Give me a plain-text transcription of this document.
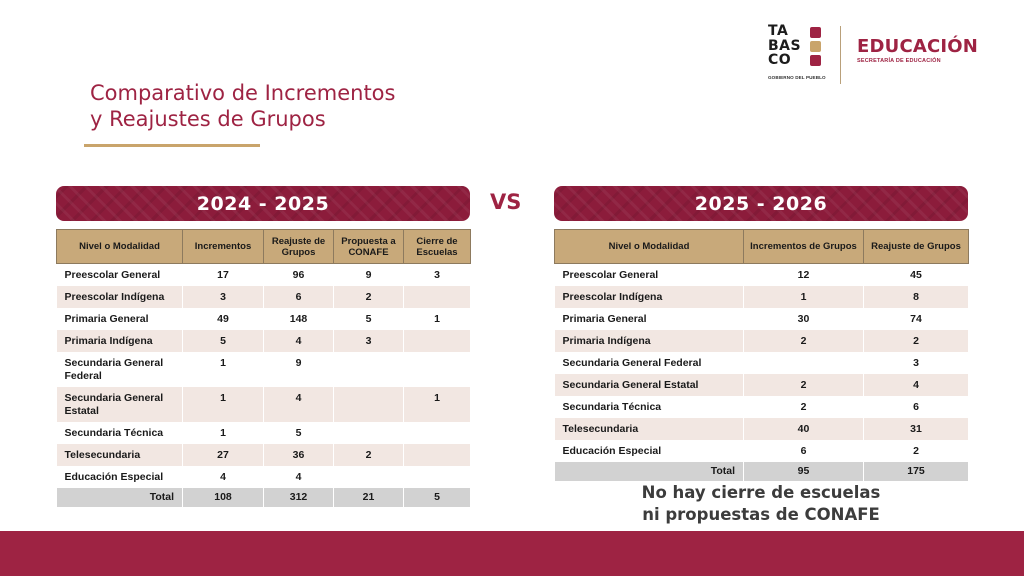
TA
BAS
CO
GOBIERNO DEL PUEBLO
EDUCACIÓN
SECRETARÍA DE EDUCACIÓN
Comparativo de Incrementos
y Reajustes de Grupos
2024 - 2025	VS	2025 - 2026
Nivel o Modalidad	Incrementos	Reajuste de Grupos	Propuesta a CONAFE	Cierre de Escuelas
Preescolar General	17	96	9	3
Preescolar Indígena	3	6	2	
Primaria General	49	148	5	1
Primaria Indígena	5	4	3	
Secundaria General Federal	1	9		
Secundaria General Estatal	1	4		1
Secundaria Técnica	1	5		
Telesecundaria	27	36	2	
Educación Especial	4	4		
Total	108	312	21	5
Nivel o Modalidad	Incrementos de Grupos	Reajuste de Grupos
Preescolar General	12	45
Preescolar Indígena	1	8
Primaria General	30	74
Primaria Indígena	2	2
Secundaria General Federal		3
Secundaria General Estatal	2	4
Secundaria Técnica	2	6
Telesecundaria	40	31
Educación Especial	6	2
Total	95	175
No hay cierre de escuelas
ni propuestas de CONAFE
